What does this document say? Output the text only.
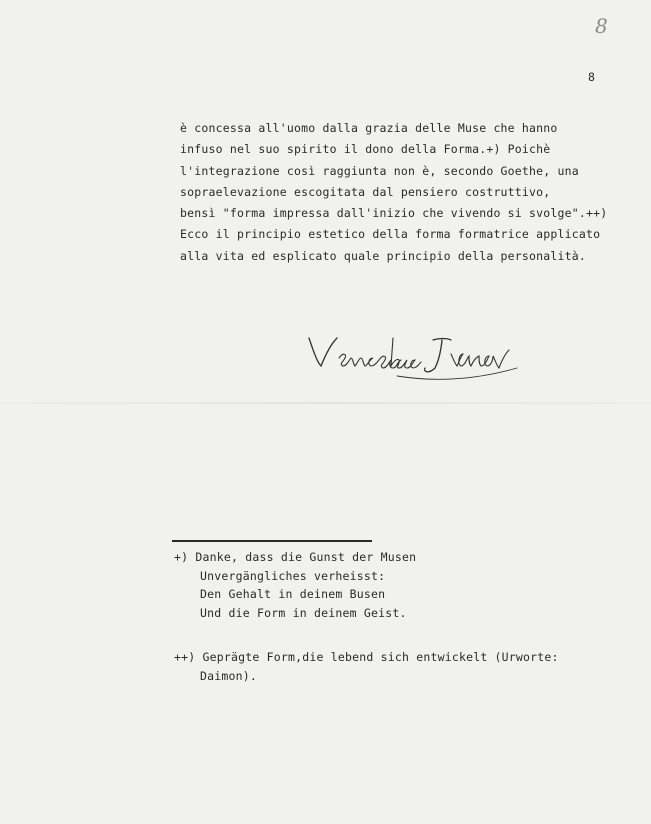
8
8
è concessa all'uomo dalla grazia delle Muse che hanno
infuso nel suo spirito il dono della Forma.+) Poichè
l'integrazione così raggiunta non è, secondo Goethe, una
sopraelevazione escogitata dal pensiero costruttivo,
bensì "forma impressa dall'inizio che vivendo si svolge".++)
Ecco il principio estetico della forma formatrice applicato
alla vita ed esplicato quale principio della personalità.
+) Danke, dass die Gunst der Musen
Unvergängliches verheisst:
Den Gehalt in deinem Busen
Und die Form in deinem Geist.
++) Geprägte Form,die lebend sich entwickelt (Urworte:
Daimon).
